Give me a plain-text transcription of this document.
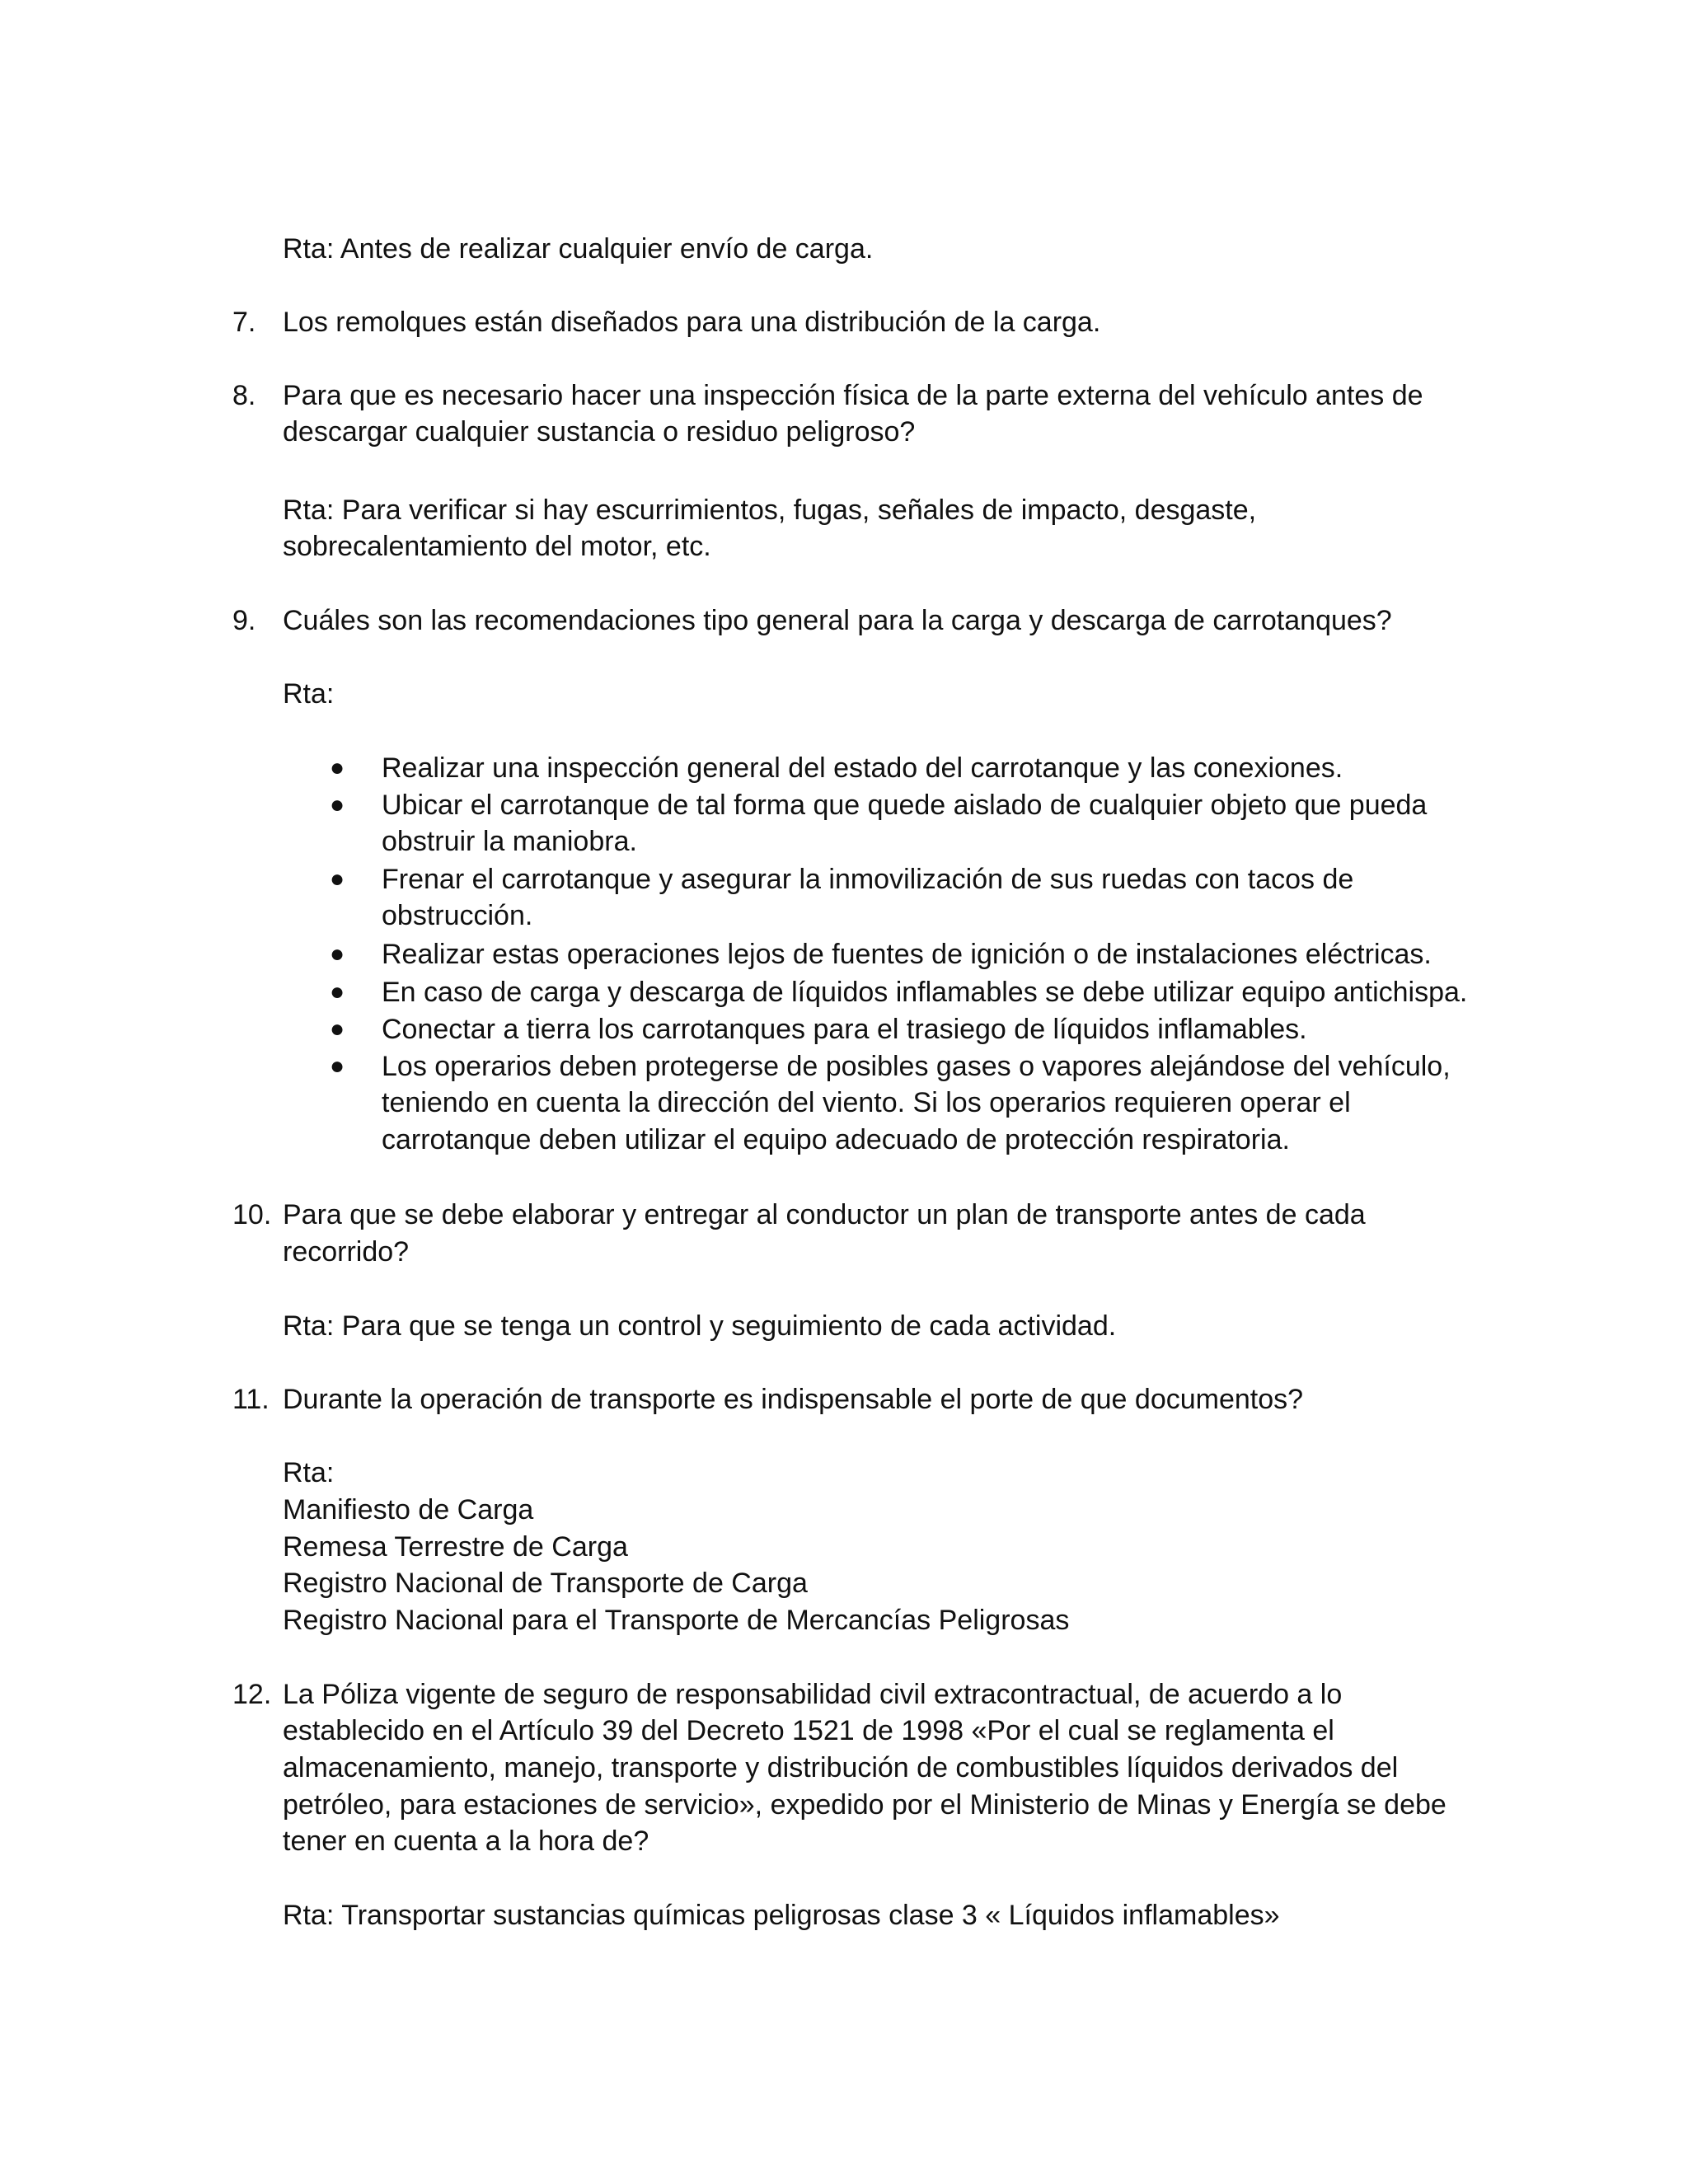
Rta: Antes de realizar cualquier envío de carga.
7. Los remolques están diseñados para una distribución de la carga.
8. Para que es necesario hacer una inspección física de la parte externa del vehículo antes de
descargar cualquier sustancia o residuo peligroso?
Rta: Para verificar si hay escurrimientos, fugas, señales de impacto, desgaste,
sobrecalentamiento del motor, etc.
9. Cuáles son las recomendaciones tipo general para la carga y descarga de carrotanques?
Rta:
● Realizar una inspección general del estado del carrotanque y las conexiones.
● Ubicar el carrotanque de tal forma que quede aislado de cualquier objeto que pueda
obstruir la maniobra.
● Frenar el carrotanque y asegurar la inmovilización de sus ruedas con tacos de
obstrucción.
● Realizar estas operaciones lejos de fuentes de ignición o de instalaciones eléctricas.
● En caso de carga y descarga de líquidos inflamables se debe utilizar equipo antichispa.
● Conectar a tierra los carrotanques para el trasiego de líquidos inflamables.
● Los operarios deben protegerse de posibles gases o vapores alejándose del vehículo,
teniendo en cuenta la dirección del viento. Si los operarios requieren operar el
carrotanque deben utilizar el equipo adecuado de protección respiratoria.
10. Para que se debe elaborar y entregar al conductor un plan de transporte antes de cada
recorrido?
Rta: Para que se tenga un control y seguimiento de cada actividad.
11. Durante la operación de transporte es indispensable el porte de que documentos?
Rta:
Manifiesto de Carga
Remesa Terrestre de Carga
Registro Nacional de Transporte de Carga
Registro Nacional para el Transporte de Mercancías Peligrosas
12. La Póliza vigente de seguro de responsabilidad civil extracontractual, de acuerdo a lo
establecido en el Artículo 39 del Decreto 1521 de 1998 «Por el cual se reglamenta el
almacenamiento, manejo, transporte y distribución de combustibles líquidos derivados del
petróleo, para estaciones de servicio», expedido por el Ministerio de Minas y Energía se debe
tener en cuenta a la hora de?
Rta: Transportar sustancias químicas peligrosas clase 3 « Líquidos inflamables»
